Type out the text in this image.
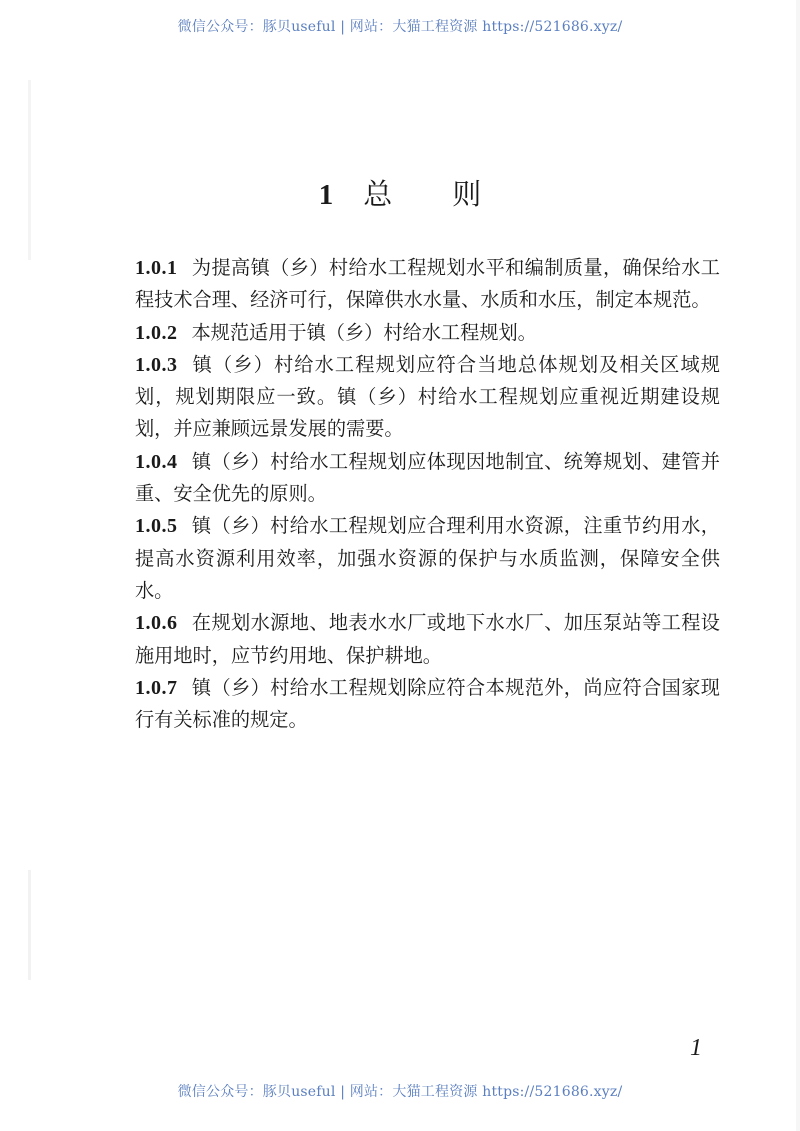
微信公众号：豚贝useful | 网站：大猫工程资源 https://521686.xyz/
1 总 则

1.0.1 为提高镇（乡）村给水工程规划水平和编制质量，确保给水工程技术合理、经济可行，保障供水水量、水质和水压，制定本规范。

1.0.2 本规范适用于镇（乡）村给水工程规划。

1.0.3 镇（乡）村给水工程规划应符合当地总体规划及相关区域规划，规划期限应一致。镇（乡）村给水工程规划应重视近期建设规划，并应兼顾远景发展的需要。

1.0.4 镇（乡）村给水工程规划应体现因地制宜、统筹规划、建管并重、安全优先的原则。

1.0.5 镇（乡）村给水工程规划应合理利用水资源，注重节约用水，提高水资源利用效率，加强水资源的保护与水质监测，保障安全供水。

1.0.6 在规划水源地、地表水水厂或地下水水厂、加压泵站等工程设施用地时，应节约用地、保护耕地。

1.0.7 镇（乡）村给水工程规划除应符合本规范外，尚应符合国家现行有关标准的规定。

1
微信公众号：豚贝useful | 网站：大猫工程资源 https://521686.xyz/
